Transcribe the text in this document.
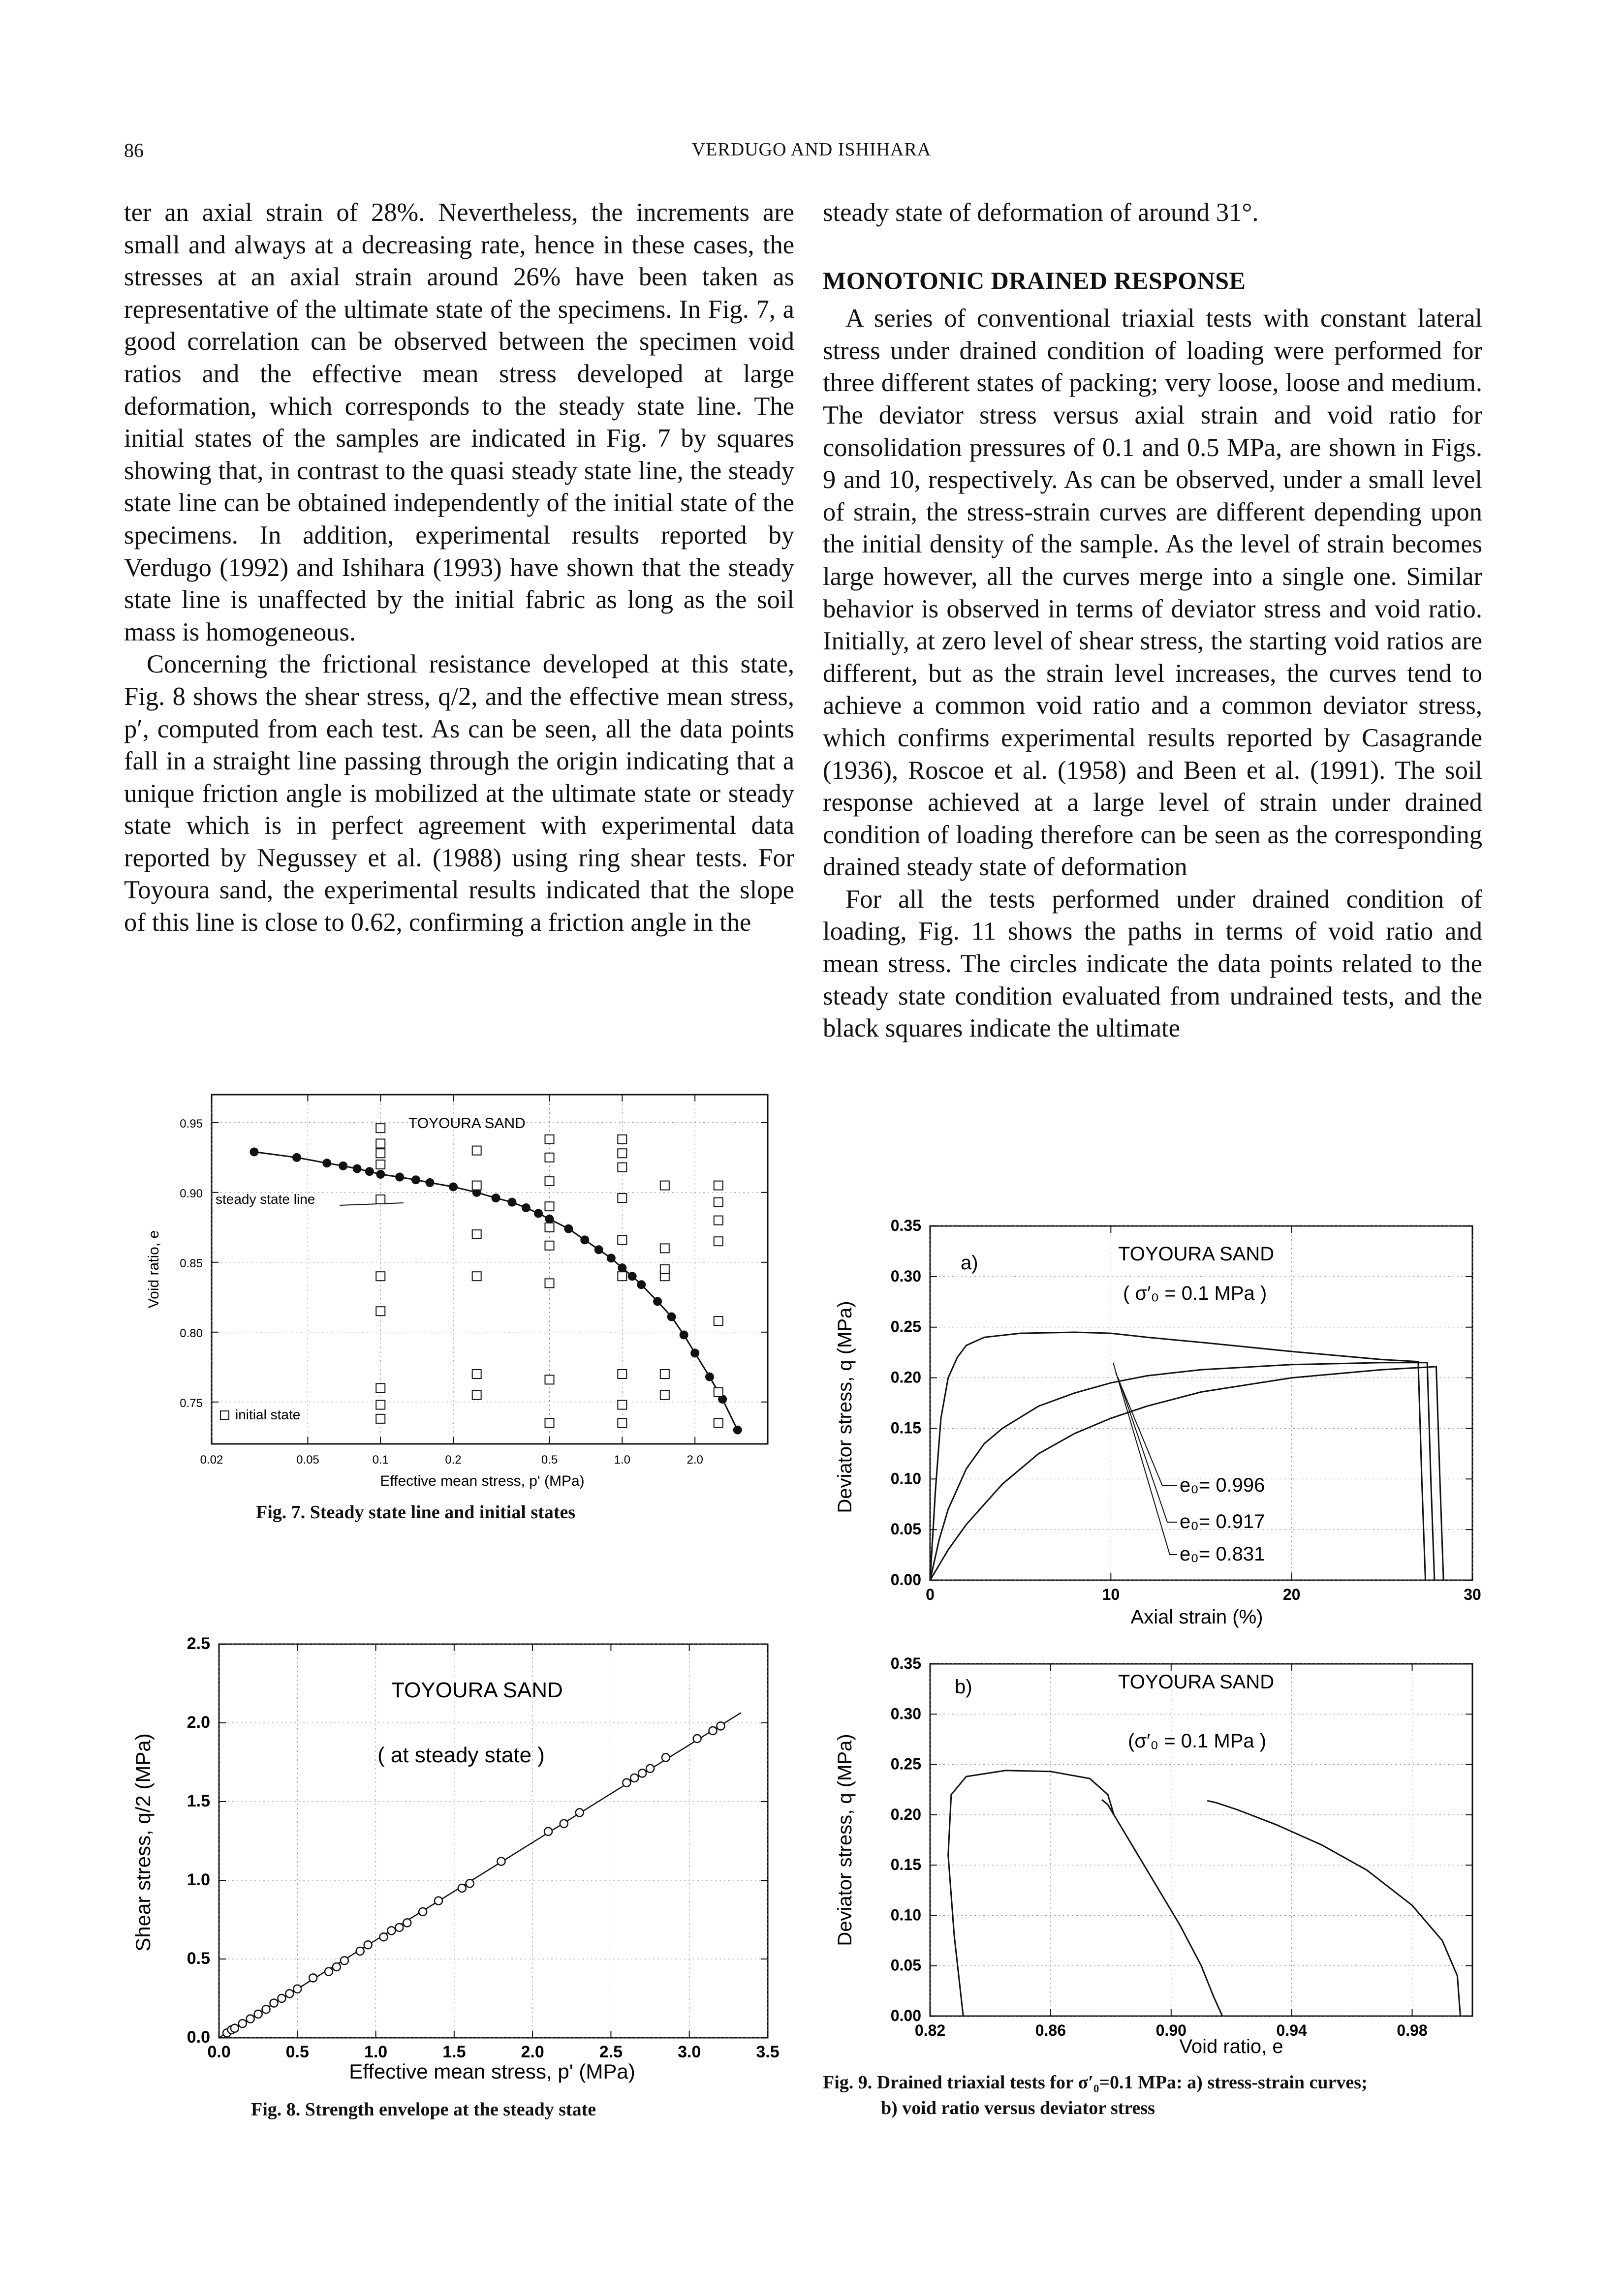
86	VERDUGO AND ISHIHARA

ter an axial strain of 28%. Nevertheless, the increments are small and always at a decreasing rate, hence in these cases, the stresses at an axial strain around 26% have been taken as representative of the ultimate state of the specimens. In Fig. 7, a good correlation can be observed between the specimen void ratios and the effective mean stress developed at large deformation, which corresponds to the steady state line. The initial states of the samples are indicated in Fig. 7 by squares showing that, in contrast to the quasi steady state line, the steady state line can be obtained independently of the initial state of the specimens. In addition, experimental results reported by Verdugo (1992) and Ishihara (1993) have shown that the steady state line is unaffected by the initial fabric as long as the soil mass is homogeneous.

Concerning the frictional resistance developed at this state, Fig. 8 shows the shear stress, q/2, and the effective mean stress, p′, computed from each test. As can be seen, all the data points fall in a straight line passing through the origin indicating that a unique friction angle is mobilized at the ultimate state or steady state which is in perfect agreement with experimental data reported by Negussey et al. (1988) using ring shear tests. For Toyoura sand, the experimental results indicated that the slope of this line is close to 0.62, confirming a friction angle in the

steady state of deformation of around 31°.

MONOTONIC DRAINED RESPONSE

A series of conventional triaxial tests with constant lateral stress under drained condition of loading were performed for three different states of packing; very loose, loose and medium. The deviator stress versus axial strain and void ratio for consolidation pressures of 0.1 and 0.5 MPa, are shown in Figs. 9 and 10, respectively. As can be observed, under a small level of strain, the stress-strain curves are different depending upon the initial density of the sample. As the level of strain becomes large however, all the curves merge into a single one. Similar behavior is observed in terms of deviator stress and void ratio. Initially, at zero level of shear stress, the starting void ratios are different, but as the strain level increases, the curves tend to achieve a common void ratio and a common deviator stress, which confirms experimental results reported by Casagrande (1936), Roscoe et al. (1958) and Been et al. (1991). The soil response achieved at a large level of strain under drained condition of loading therefore can be seen as the corresponding drained steady state of deformation

For all the tests performed under drained condition of loading, Fig. 11 shows the paths in terms of void ratio and mean stress. The circles indicate the data points related to the steady state condition evaluated from undrained tests, and the black squares indicate the ultimate

0.95
0.90
0.85
0.80
0.75
0.02	0.05	0.1	0.2	0.5	1.0	2.0
Void ratio, e
Effective mean stress, p' (MPa)
TOYOURA SAND
steady state line
initial state
Fig. 7. Steady state line and initial states
2.5
2.0
1.5
1.0
0.5
0.0
0.0	0.5	1.0	1.5	2.0	2.5	3.0	3.5
Shear stress, q/2 (MPa)
Effective mean stress, p' (MPa)
TOYOURA SAND
( at steady state )
Fig. 8. Strength envelope at the steady state
0.35
0.30
0.25
0.20
0.15
0.10
0.05
0.00
0	10	20	30
Deviator stress, q (MPa)
Axial strain (%)
a)	TOYOURA SAND
( σ′₀ = 0.1 MPa )
e₀= 0.996
e₀= 0.917
e₀= 0.831
0.35
0.30
0.25
0.20
0.15
0.10
0.05
0.00
0.82	0.86	0.90	0.94	0.98
Deviator stress, q (MPa)
Void ratio, e
b)	TOYOURA SAND
(σ′₀ = 0.1 MPa )
Fig. 9. Drained triaxial tests for σ′₀=0.1 MPa: a) stress-strain curves;
b) void ratio versus deviator stress
